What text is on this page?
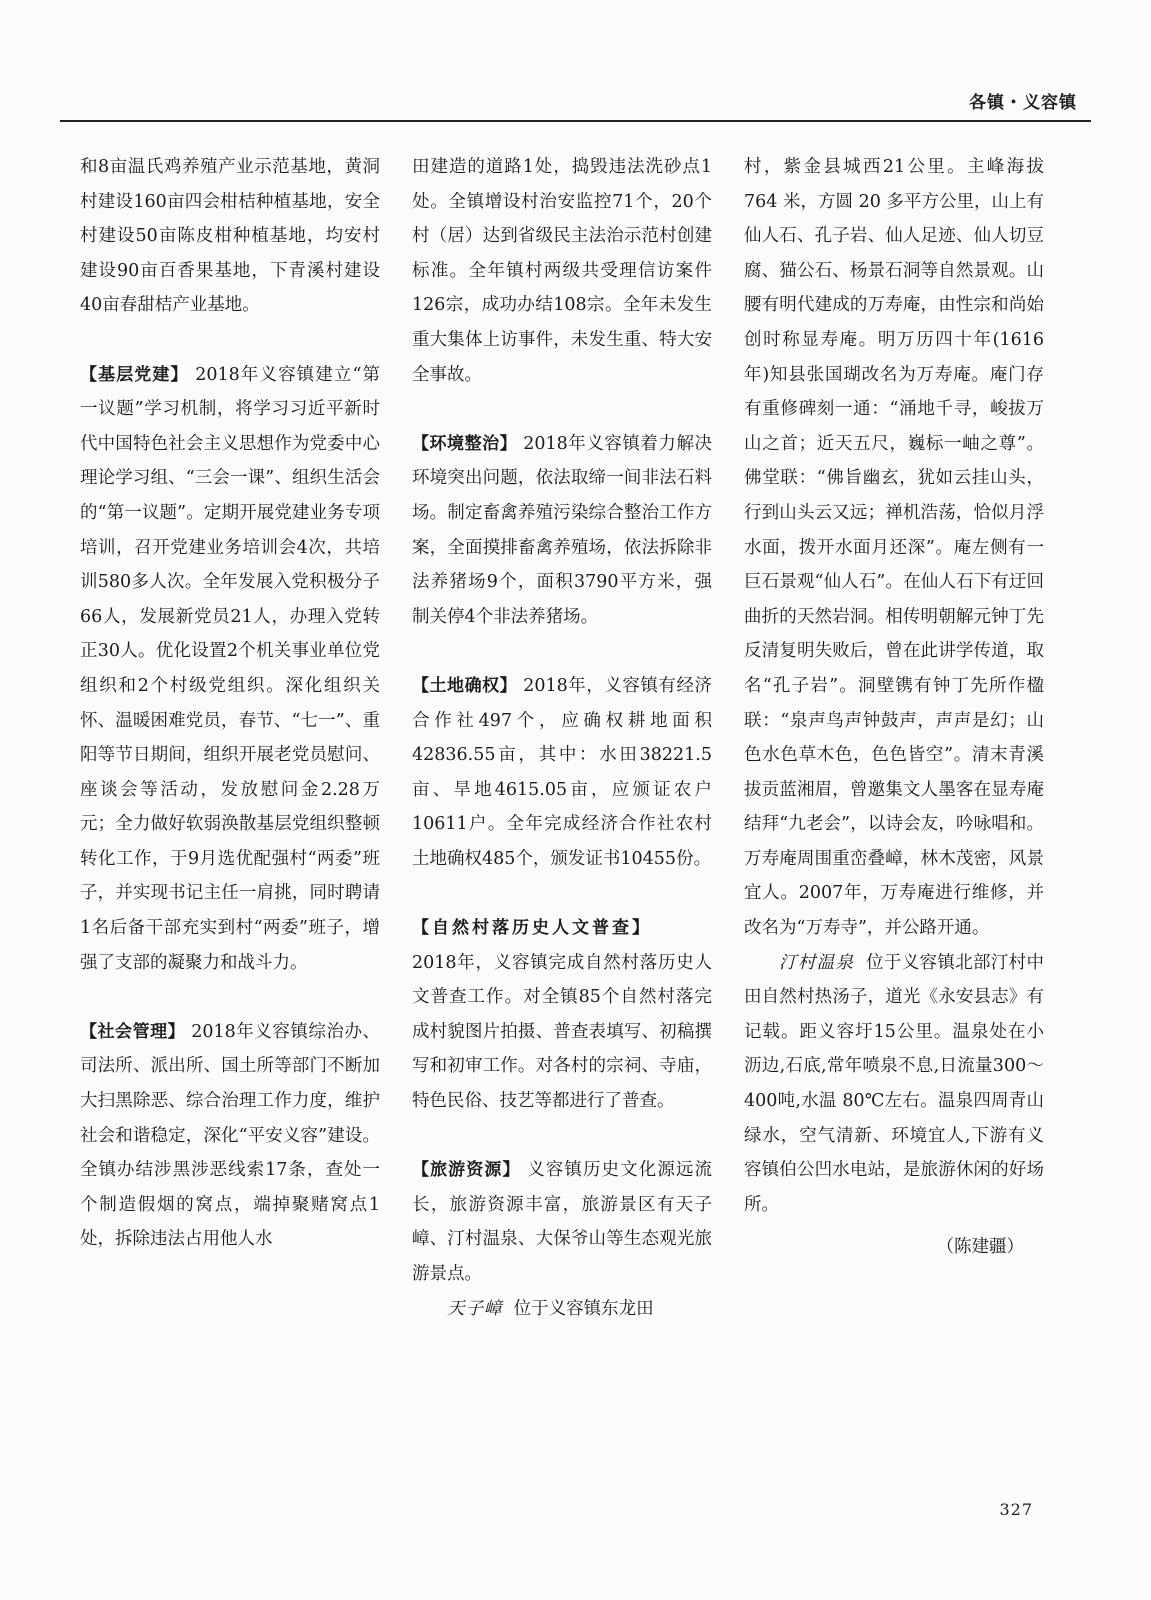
各镇・义容镇

和8亩温氏鸡养殖产业示范基地，黄洞村建设160亩四会柑桔种植基地，安全村建设50亩陈皮柑种植基地，均安村建设90亩百香果基地，下青溪村建设40亩春甜桔产业基地。

【基层党建】 2018年义容镇建立“第一议题”学习机制，将学习习近平新时代中国特色社会主义思想作为党委中心理论学习组、“三会一课”、组织生活会的“第一议题”。定期开展党建业务专项培训，召开党建业务培训会4次，共培训580多人次。全年发展入党积极分子66人，发展新党员21人，办理入党转正30人。优化设置2个机关事业单位党组织和2个村级党组织。深化组织关怀、温暖困难党员，春节、“七一”、重阳等节日期间，组织开展老党员慰问、座谈会等活动，发放慰问金2.28万元；全力做好软弱涣散基层党组织整顿转化工作，于9月选优配强村“两委”班子，并实现书记主任一肩挑，同时聘请1名后备干部充实到村“两委”班子，增强了支部的凝聚力和战斗力。

【社会管理】 2018年义容镇综治办、司法所、派出所、国土所等部门不断加大扫黑除恶、综合治理工作力度，维护社会和谐稳定，深化“平安义容”建设。全镇办结涉黑涉恶线索17条，查处一个制造假烟的窝点，端掉聚赌窝点1处，拆除违法占用他人水

田建造的道路1处，捣毁违法洗砂点1处。全镇增设村治安监控71个，20个村（居）达到省级民主法治示范村创建标准。全年镇村两级共受理信访案件126宗，成功办结108宗。全年未发生重大集体上访事件，未发生重、特大安全事故。

【环境整治】 2018年义容镇着力解决环境突出问题，依法取缔一间非法石料场。制定畜禽养殖污染综合整治工作方案，全面摸排畜禽养殖场，依法拆除非法养猪场9个，面积3790平方米，强制关停4个非法养猪场。

【土地确权】 2018年，义容镇有经济合作社497个，应确权耕地面积 42836.55亩，其中：水田38221.5亩、旱地4615.05亩，应颁证农户10611户。全年完成经济合作社农村土地确权485个，颁发证书10455份。

【自然村落历史人文普查】
2018年，义容镇完成自然村落历史人文普查工作。对全镇85个自然村落完成村貌图片拍摄、普查表填写、初稿撰写和初审工作。对各村的宗祠、寺庙，特色民俗、技艺等都进行了普查。

【旅游资源】 义容镇历史文化源远流长，旅游资源丰富，旅游景区有天子嶂、汀村温泉、大保爷山等生态观光旅游景点。

天子嶂 位于义容镇东龙田

村，紫金县城西21公里。主峰海拔 764 米，方圆 20 多平方公里，山上有仙人石、孔子岩、仙人足迹、仙人切豆腐、猫公石、杨景石洞等自然景观。山腰有明代建成的万寿庵，由性宗和尚始创时称显寿庵。明万历四十年(1616年)知县张国瑚改名为万寿庵。庵门存有重修碑刻一通：“涌地千寻，峻拔万山之首；近天五尺，巍标一岫之尊”。佛堂联：“佛旨幽玄，犹如云挂山头，行到山头云又远；禅机浩荡，恰似月浮水面，拨开水面月还深”。庵左侧有一巨石景观“仙人石”。在仙人石下有迂回曲折的天然岩洞。相传明朝解元钟丁先反清复明失败后，曾在此讲学传道，取名“孔子岩”。洞壁镌有钟丁先所作楹联：“泉声鸟声钟鼓声，声声是幻；山色水色草木色，色色皆空”。清末青溪拔贡蓝湘眉，曾邀集文人墨客在显寿庵结拜“九老会”，以诗会友，吟咏唱和。万寿庵周围重峦叠嶂，林木茂密，风景宜人。2007年，万寿庵进行维修，并改名为“万寿寺”，并公路开通。

汀村温泉 位于义容镇北部汀村中田自然村热汤子，道光《永安县志》有记载。距义容圩15公里。温泉处在小沥边,石底,常年喷泉不息,日流量300～400吨,水温 80℃左右。温泉四周青山绿水，空气清新、环境宜人,下游有义容镇伯公凹水电站，是旅游休闲的好场所。

（陈建疆）
327
